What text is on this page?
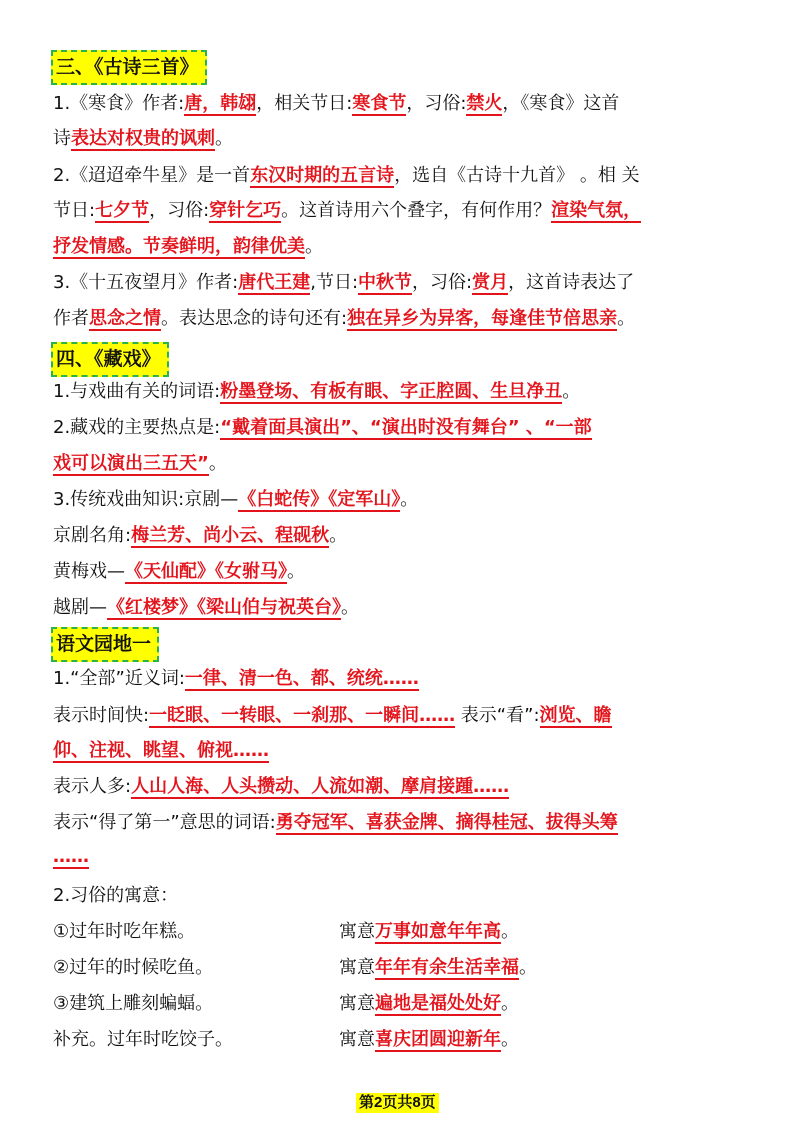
三、《古诗三首》
1.《寒食》作者:唐，韩翃，相关节日:寒食节，习俗:禁火，《寒食》这首
诗表达对权贵的讽刺。
2.《迢迢牵牛星》是一首东汉时期的五言诗，选自《古诗十九首》 。相 关
节日:七夕节，习俗:穿针乞巧。这首诗用六个叠字，有何作用？渲染气氛，
抒发情感。节奏鲜明，韵律优美。
3.《十五夜望月》作者:唐代王建,节日:中秋节，习俗:赏月，这首诗表达了
作者思念之情。表达思念的诗句还有:独在异乡为异客，每逢佳节倍思亲。
四、《藏戏》
1.与戏曲有关的词语:粉墨登场、有板有眼、字正腔圆、生旦净丑。
2.藏戏的主要热点是:“戴着面具演出”、“演出时没有舞台” 、“一部
戏可以演出三五天”。
3.传统戏曲知识:京剧—《白蛇传》《定军山》。
京剧名角:梅兰芳、尚小云、程砚秋。
黄梅戏—《天仙配》《女驸马》。
越剧—《红楼梦》《梁山伯与祝英台》。
语文园地一
1.“全部”近义词:一律、清一色、都、统统……
表示时间快:一眨眼、一转眼、一刹那、一瞬间…… 表示“看”:浏览、瞻
仰、注视、眺望、俯视……
表示人多:人山人海、人头攒动、人流如潮、摩肩接踵……
表示“得了第一”意思的词语:勇夺冠军、喜获金牌、摘得桂冠、拔得头筹
……
2.习俗的寓意：
①过年时吃年糕。	寓意万事如意年年高。
②过年的时候吃鱼。	寓意年年有余生活幸福。
③建筑上雕刻蝙蝠。	寓意遍地是福处处好。
补充。过年时吃饺子。	寓意喜庆团圆迎新年。
第2页共8页
